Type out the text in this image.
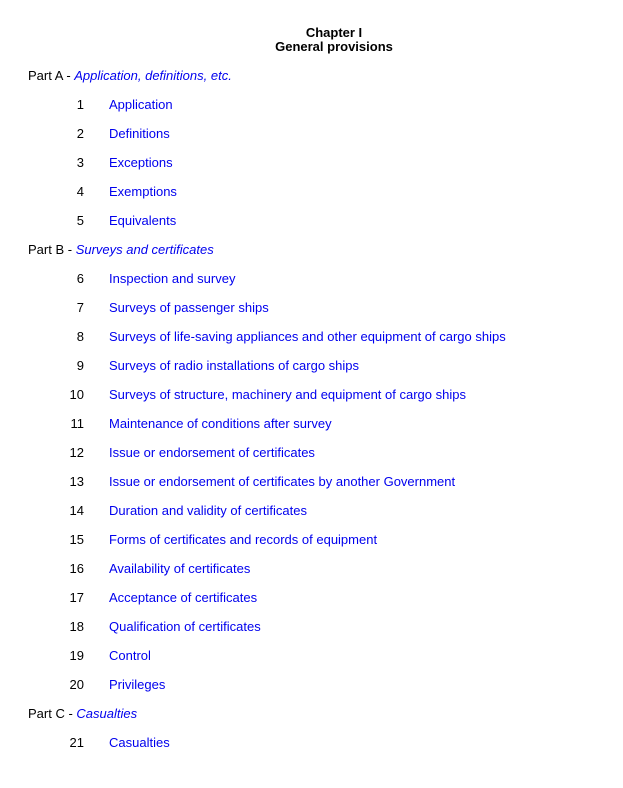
Chapter I
General provisions
Part A - Application, definitions, etc.
1 Application
2 Definitions
3 Exceptions
4 Exemptions
5 Equivalents
Part B - Surveys and certificates
6 Inspection and survey
7 Surveys of passenger ships
8 Surveys of life-saving appliances and other equipment of cargo ships
9 Surveys of radio installations of cargo ships
10 Surveys of structure, machinery and equipment of cargo ships
11 Maintenance of conditions after survey
12 Issue or endorsement of certificates
13 Issue or endorsement of certificates by another Government
14 Duration and validity of certificates
15 Forms of certificates and records of equipment
16 Availability of certificates
17 Acceptance of certificates
18 Qualification of certificates
19 Control
20 Privileges
Part C - Casualties
21 Casualties
